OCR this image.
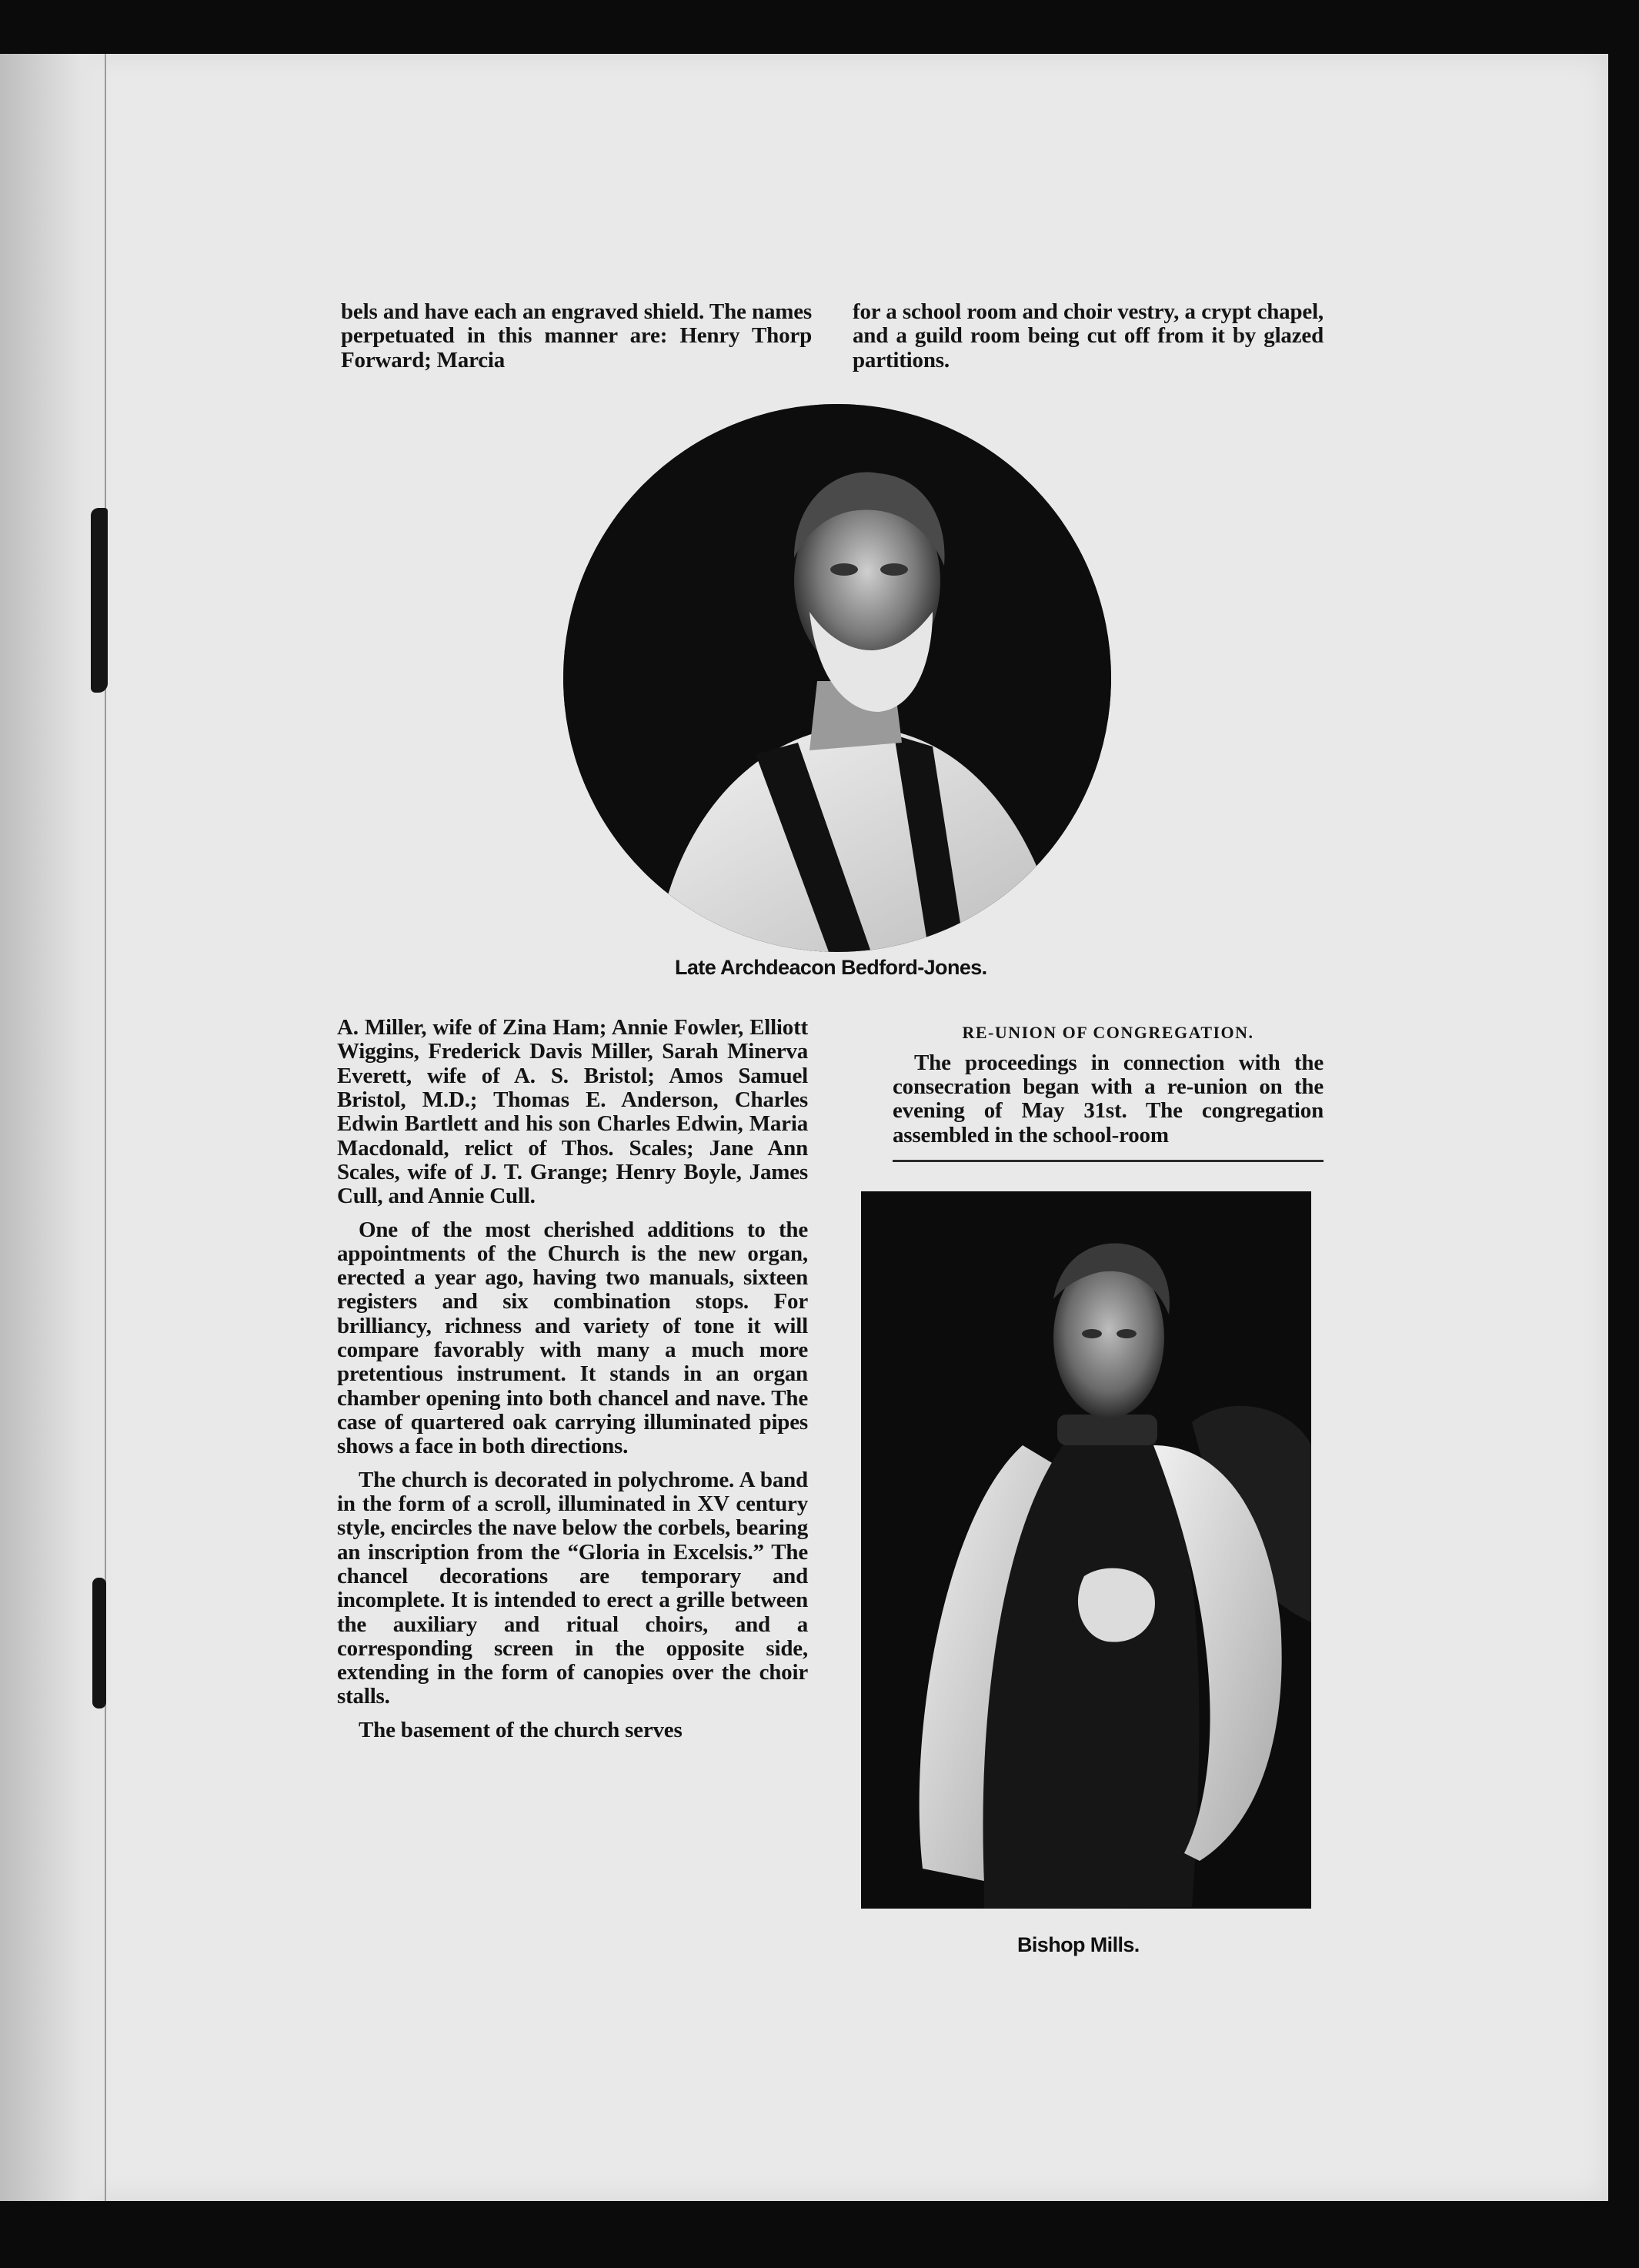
bels and have each an engraved shield. The names perpetuated in this manner are: Henry Thorp Forward; Marcia

for a school room and choir vestry, a crypt chapel, and a guild room being cut off from it by glazed partitions.

Late Archdeacon Bedford-Jones.

A. Miller, wife of Zina Ham; Annie Fowler, Elliott Wiggins, Frederick Davis Miller, Sarah Minerva Everett, wife of A. S. Bristol; Amos Samuel Bristol, M.D.; Thomas E. Anderson, Charles Edwin Bartlett and his son Charles Edwin, Maria Macdonald, relict of Thos. Scales; Jane Ann Scales, wife of J. T. Grange; Henry Boyle, James Cull, and Annie Cull.

One of the most cherished additions to the appointments of the Church is the new organ, erected a year ago, having two manuals, sixteen registers and six combination stops. For brilliancy, richness and variety of tone it will compare favorably with many a much more pretentious instrument. It stands in an organ chamber opening into both chancel and nave. The case of quartered oak carrying illuminated pipes shows a face in both directions.

The church is decorated in polychrome. A band in the form of a scroll, illuminated in XV century style, encircles the nave below the corbels, bearing an inscription from the “Gloria in Excelsis.” The chancel decorations are temporary and incomplete. It is intended to erect a grille between the auxiliary and ritual choirs, and a corresponding screen in the opposite side, extending in the form of canopies over the choir stalls.

The basement of the church serves

RE-UNION OF CONGREGATION.

The proceedings in connection with the consecration began with a re-union on the evening of May 31st. The congregation assembled in the school-room

Bishop Mills.
